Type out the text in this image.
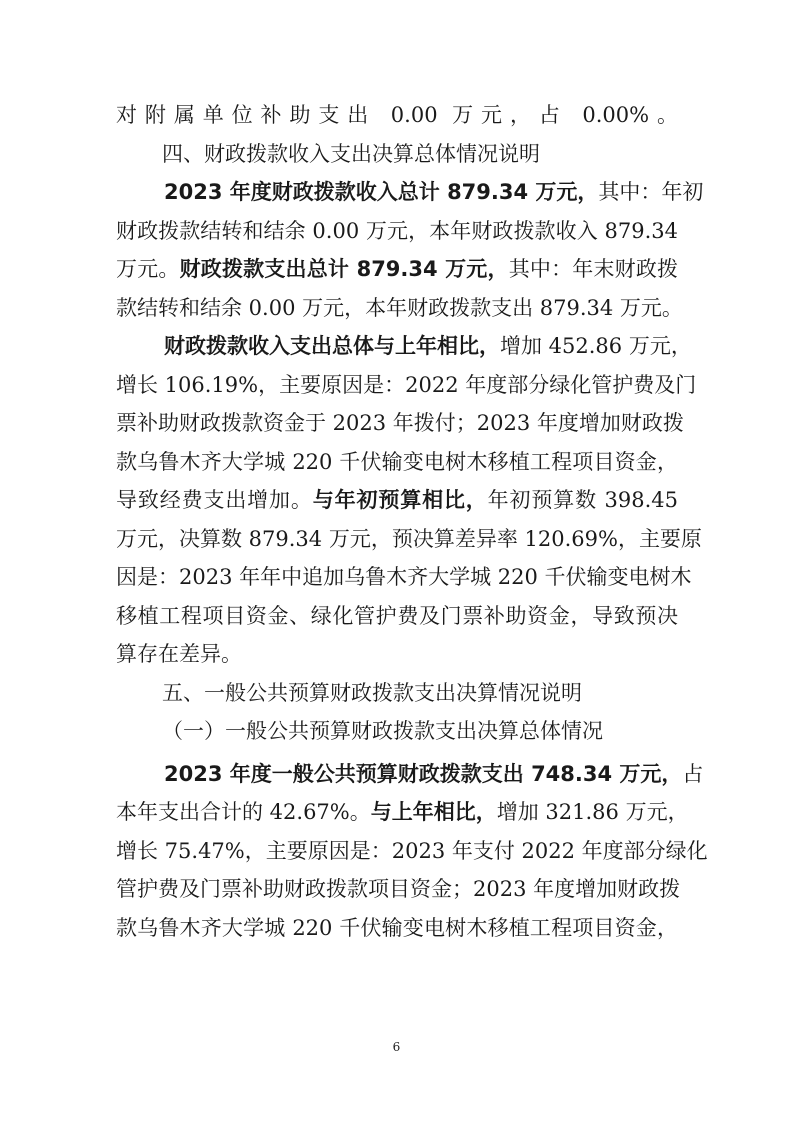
对附属单位补助支出 0.00 万元，占 0.00%。
四、财政拨款收入支出决算总体情况说明
2023 年度财政拨款收入总计 879.34 万元，其中：年初
财政拨款结转和结余 0.00 万元，本年财政拨款收入 879.34
万元。财政拨款支出总计 879.34 万元，其中：年末财政拨
款结转和结余 0.00 万元，本年财政拨款支出 879.34 万元。
财政拨款收入支出总体与上年相比，增加 452.86 万元，
增长 106.19%，主要原因是：2022 年度部分绿化管护费及门
票补助财政拨款资金于 2023 年拨付；2023 年度增加财政拨
款乌鲁木齐大学城 220 千伏输变电树木移植工程项目资金，
导致经费支出增加。与年初预算相比，年初预算数 398.45
万元，决算数 879.34 万元，预决算差异率 120.69%，主要原
因是：2023 年年中追加乌鲁木齐大学城 220 千伏输变电树木
移植工程项目资金、绿化管护费及门票补助资金，导致预决
算存在差异。
五、一般公共预算财政拨款支出决算情况说明
（一）一般公共预算财政拨款支出决算总体情况
2023 年度一般公共预算财政拨款支出 748.34 万元，占
本年支出合计的 42.67%。与上年相比，增加 321.86 万元，
增长 75.47%，主要原因是：2023 年支付 2022 年度部分绿化
管护费及门票补助财政拨款项目资金；2023 年度增加财政拨
款乌鲁木齐大学城 220 千伏输变电树木移植工程项目资金，
6
